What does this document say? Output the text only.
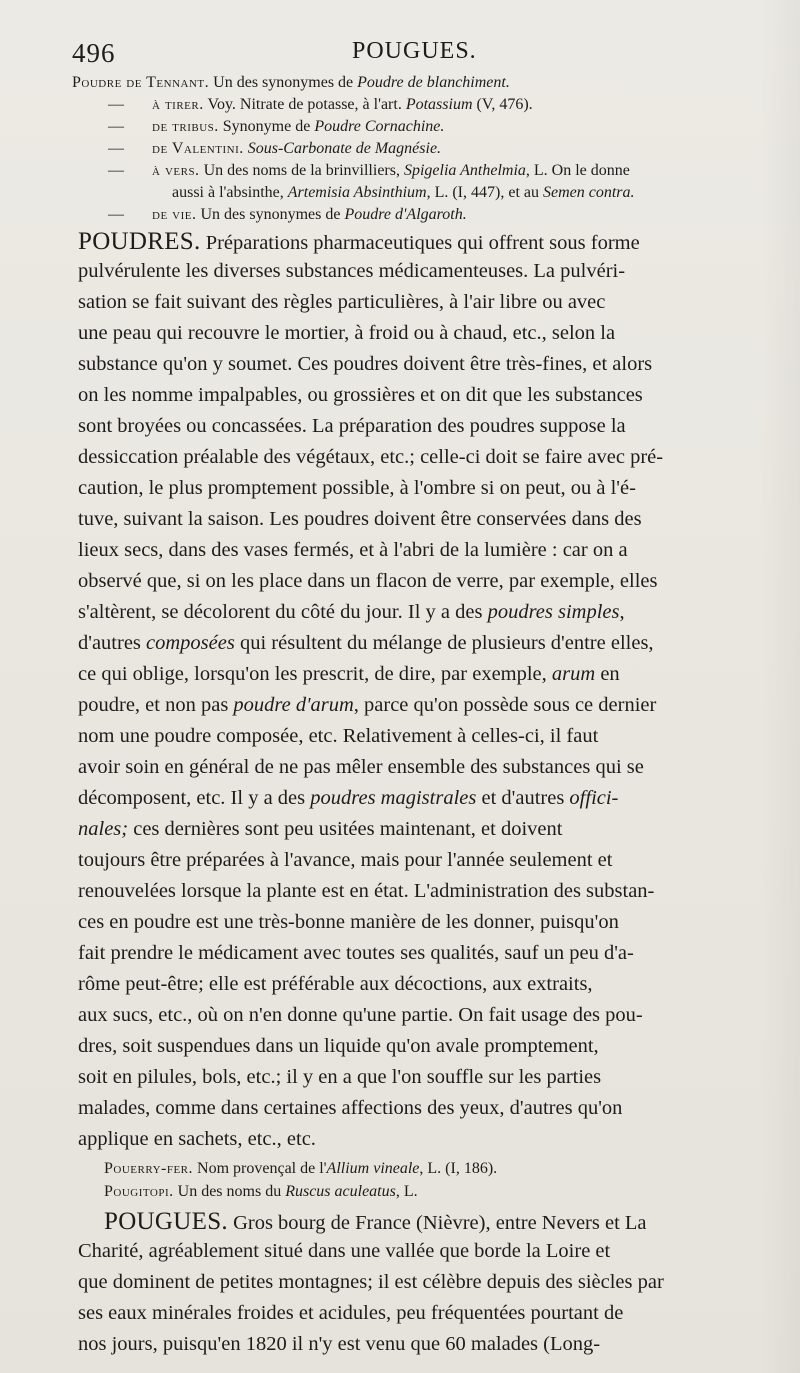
496	POUGUES.
Poudre de Tennant. Un des synonymes de Poudre de blanchiment.
— à tirer. Voy. Nitrate de potasse, à l'art. Potassium (V, 476).
— de tribus. Synonyme de Poudre Cornachine.
— de Valentini. Sous-Carbonate de Magnésie.
— à vers. Un des noms de la brinvilliers, Spigelia Anthelmia, L. On le donne
aussi à l'absinthe, Artemisia Absinthium, L. (I, 447), et au Semen contra.
— de vie. Un des synonymes de Poudre d'Algaroth.
POUDRES. Préparations pharmaceutiques qui offrent sous forme
pulvérulente les diverses substances médicamenteuses. La pulvéri-
sation se fait suivant des règles particulières, à l'air libre ou avec
une peau qui recouvre le mortier, à froid ou à chaud, etc., selon la
substance qu'on y soumet. Ces poudres doivent être très-fines, et alors
on les nomme impalpables, ou grossières et on dit que les substances
sont broyées ou concassées. La préparation des poudres suppose la
dessiccation préalable des végétaux, etc.; celle-ci doit se faire avec pré-
caution, le plus promptement possible, à l'ombre si on peut, ou à l'é-
tuve, suivant la saison. Les poudres doivent être conservées dans des
lieux secs, dans des vases fermés, et à l'abri de la lumière : car on a
observé que, si on les place dans un flacon de verre, par exemple, elles
s'altèrent, se décolorent du côté du jour. Il y a des poudres simples,
d'autres composées qui résultent du mélange de plusieurs d'entre elles,
ce qui oblige, lorsqu'on les prescrit, de dire, par exemple, arum en
poudre, et non pas poudre d'arum, parce qu'on possède sous ce dernier
nom une poudre composée, etc. Relativement à celles-ci, il faut
avoir soin en général de ne pas mêler ensemble des substances qui se
décomposent, etc. Il y a des poudres magistrales et d'autres offici-
nales; ces dernières sont peu usitées maintenant, et doivent
toujours être préparées à l'avance, mais pour l'année seulement et
renouvelées lorsque la plante est en état. L'administration des substan-
ces en poudre est une très-bonne manière de les donner, puisqu'on
fait prendre le médicament avec toutes ses qualités, sauf un peu d'a-
rôme peut-être; elle est préférable aux décoctions, aux extraits,
aux sucs, etc., où on n'en donne qu'une partie. On fait usage des pou-
dres, soit suspendues dans un liquide qu'on avale promptement,
soit en pilules, bols, etc.; il y en a que l'on souffle sur les parties
malades, comme dans certaines affections des yeux, d'autres qu'on
applique en sachets, etc., etc.
Pouerry-fer. Nom provençal de l'Allium vineale, L. (I, 186).
Pougitopi. Un des noms du Ruscus aculeatus, L.
POUGUES. Gros bourg de France (Nièvre), entre Nevers et La
Charité, agréablement situé dans une vallée que borde la Loire et
que dominent de petites montagnes; il est célèbre depuis des siècles par
ses eaux minérales froides et acidules, peu fréquentées pourtant de
nos jours, puisqu'en 1820 il n'y est venu que 60 malades (Long-
